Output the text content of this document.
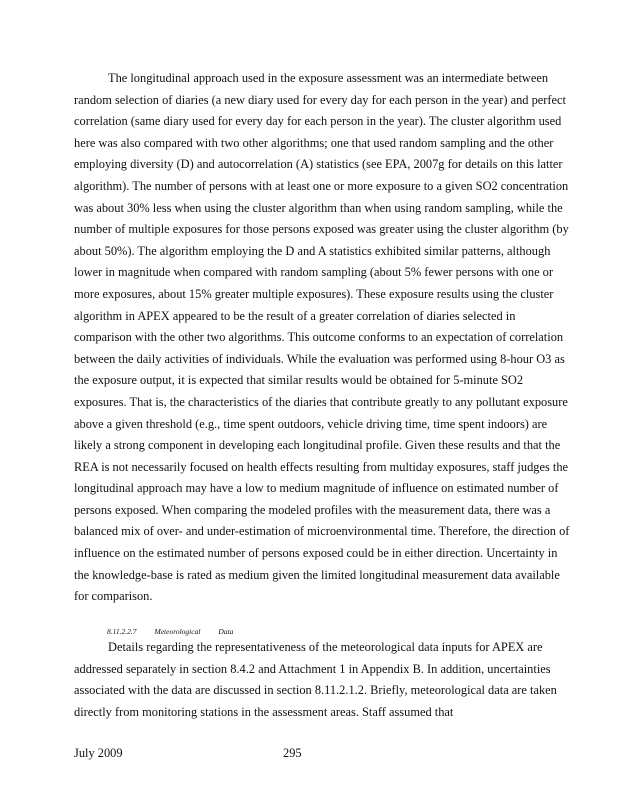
The longitudinal approach used in the exposure assessment was an intermediate between random selection of diaries (a new diary used for every day for each person in the year) and perfect correlation (same diary used for every day for each person in the year). The cluster algorithm used here was also compared with two other algorithms; one that used random sampling and the other employing diversity (D) and autocorrelation (A) statistics (see EPA, 2007g for details on this latter algorithm). The number of persons with at least one or more exposure to a given SO2 concentration was about 30% less when using the cluster algorithm than when using random sampling, while the number of multiple exposures for those persons exposed was greater using the cluster algorithm (by about 50%). The algorithm employing the D and A statistics exhibited similar patterns, although lower in magnitude when compared with random sampling (about 5% fewer persons with one or more exposures, about 15% greater multiple exposures). These exposure results using the cluster algorithm in APEX appeared to be the result of a greater correlation of diaries selected in comparison with the other two algorithms. This outcome conforms to an expectation of correlation between the daily activities of individuals. While the evaluation was performed using 8-hour O3 as the exposure output, it is expected that similar results would be obtained for 5-minute SO2 exposures. That is, the characteristics of the diaries that contribute greatly to any pollutant exposure above a given threshold (e.g., time spent outdoors, vehicle driving time, time spent indoors) are likely a strong component in developing each longitudinal profile. Given these results and that the REA is not necessarily focused on health effects resulting from multiday exposures, staff judges the longitudinal approach may have a low to medium magnitude of influence on estimated number of persons exposed. When comparing the modeled profiles with the measurement data, there was a balanced mix of over- and under-estimation of microenvironmental time. Therefore, the direction of influence on the estimated number of persons exposed could be in either direction. Uncertainty in the knowledge-base is rated as medium given the limited longitudinal measurement data available for comparison.

8.11.2.2.7 Meteorological Data

Details regarding the representativeness of the meteorological data inputs for APEX are addressed separately in section 8.4.2 and Attachment 1 in Appendix B. In addition, uncertainties associated with the data are discussed in section 8.11.2.1.2. Briefly, meteorological data are taken directly from monitoring stations in the assessment areas. Staff assumed that

July 2009	295
